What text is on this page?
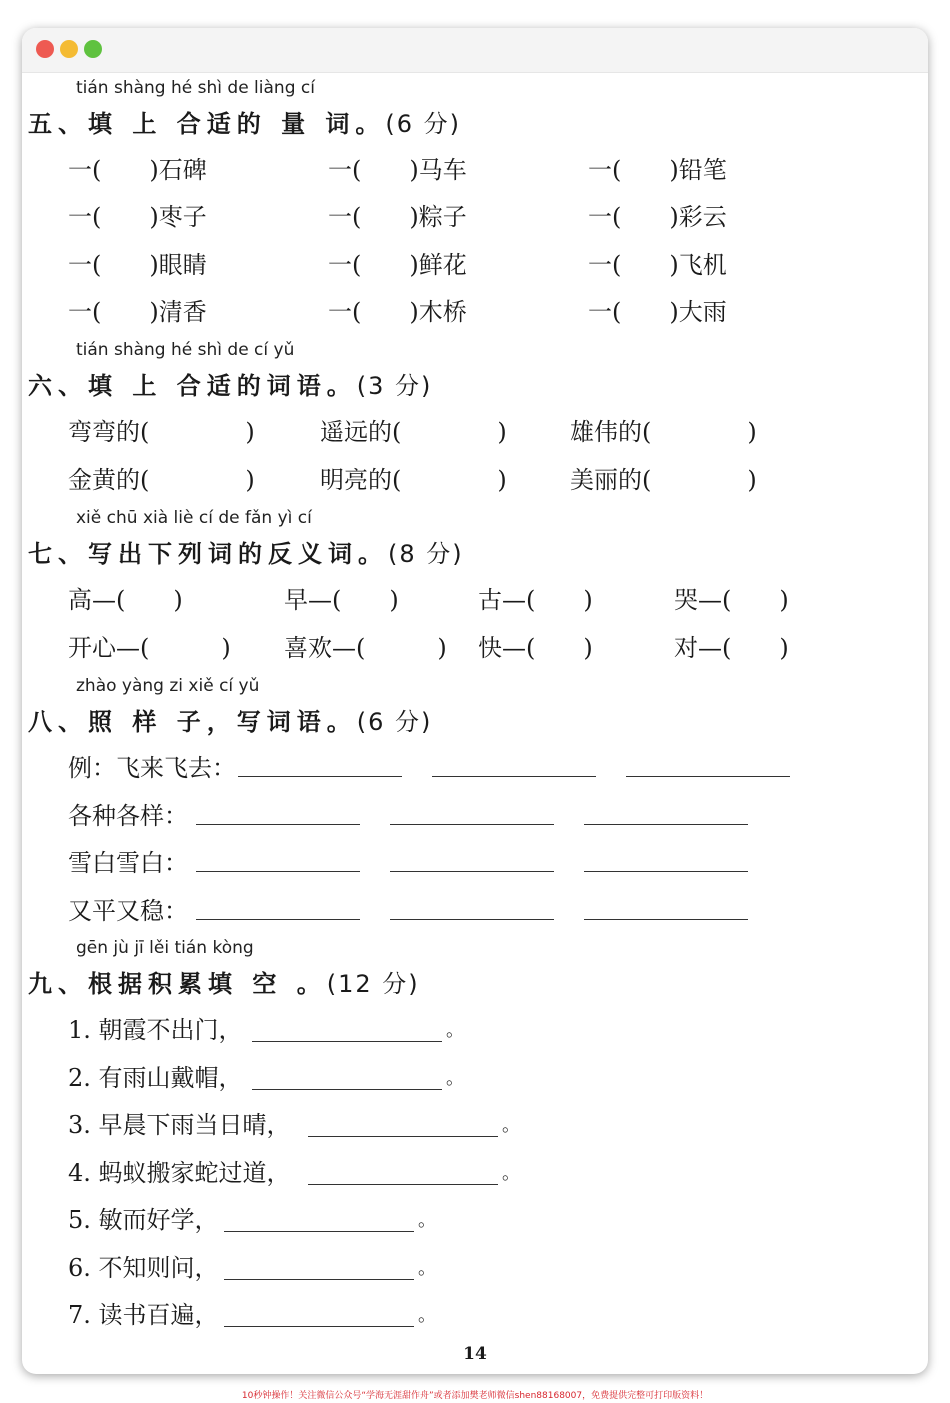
tián shàng hé shì de liàng cí
五、填 上 合适的 量 词。(6 分)
一(　　)石碑	一(　　)马车	一(　　)铅笔
一(　　)枣子	一(　　)粽子	一(　　)彩云
一(　　)眼睛	一(　　)鲜花	一(　　)飞机
一(　　)清香	一(　　)木桥	一(　　)大雨
tián shàng hé shì de cí yǔ
六、填 上 合适的词语。(3 分)
弯弯的(　　　　)	遥远的(　　　　)	雄伟的(　　　　)
金黄的(　　　　)	明亮的(　　　　)	美丽的(　　　　)
xiě chū xià liè cí de fǎn yì cí
七、写出下列词的反义词。(8 分)
高—(　　)	早—(　　)	古—(　　)	哭—(　　)
开心—(　　　) 喜欢—(　　　) 快—(　　)	对—(　　)
zhào yàng zi xiě cí yǔ
八、照 样 子，写词语。(6 分)
例：飞来飞去：
各种各样：
雪白雪白：
又平又稳：
gēn jù jī lěi tián kòng
九、根据积累填 空 。(12 分)
1. 朝霞不出门，	。
2. 有雨山戴帽，	。
3. 早晨下雨当日晴，	。
4. 蚂蚁搬家蛇过道，	。
5. 敏而好学，	。
6. 不知则问，	。
7. 读书百遍，	。
14
10秒钟操作！关注微信公众号“学海无涯甜作舟”或者添加樊老师微信shen88168007，免费提供完整可打印版资料！
